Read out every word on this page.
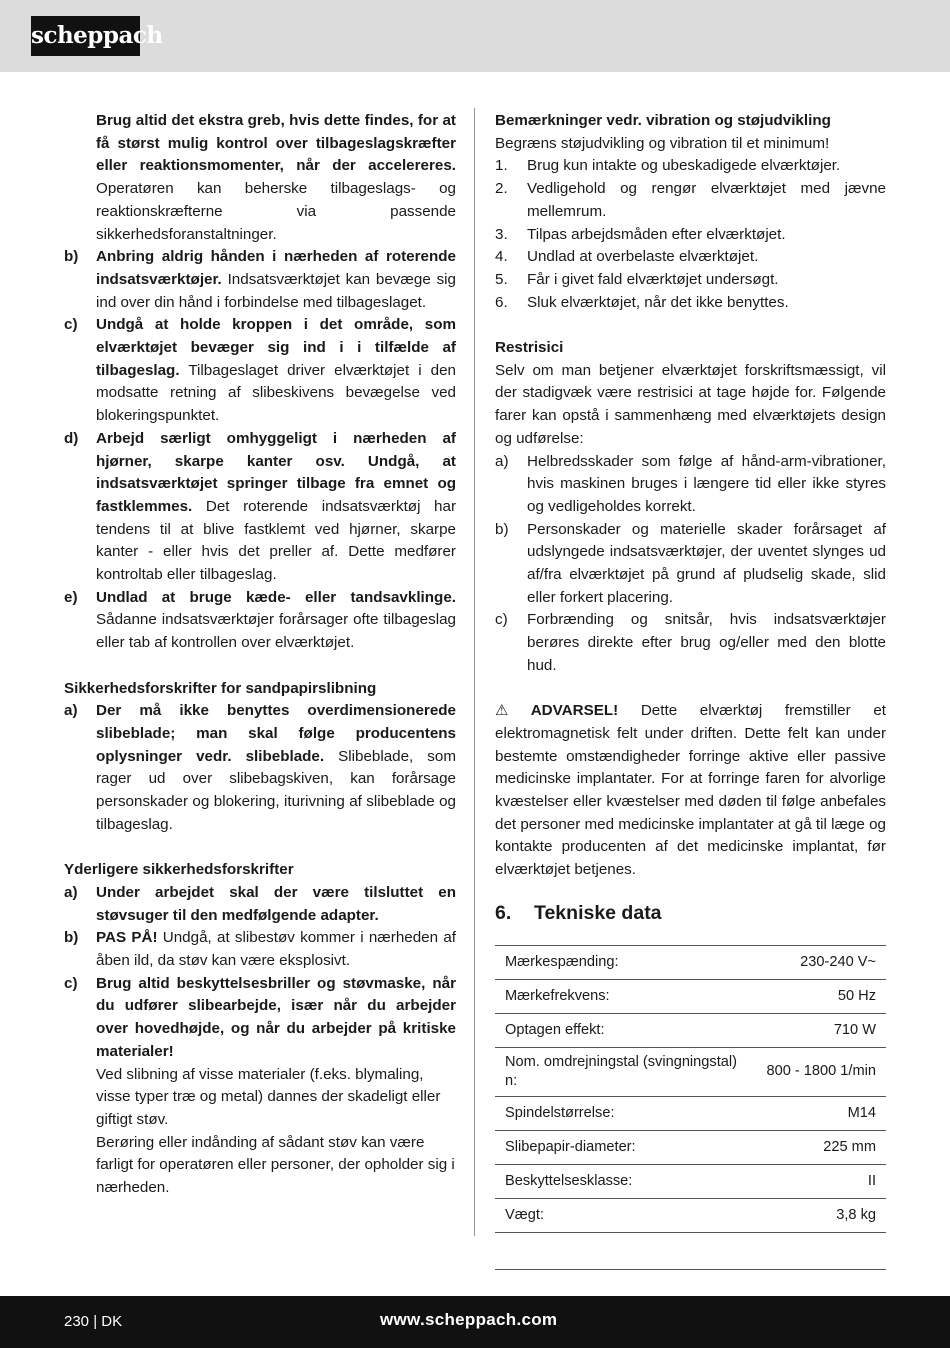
scheppach

Brug altid det ekstra greb, hvis dette findes, for at få størst mulig kontrol over tilbageslagskræfter eller reaktionsmomenter, når der accelereres. Operatøren kan beherske tilbageslags- og reaktionskræfterne via passende sikkerhedsforanstaltninger.

b)	Anbring aldrig hånden i nærheden af roterende indsatsværktøjer. Indsatsværktøjet kan bevæge sig ind over din hånd i forbindelse med tilbageslaget.

c)	Undgå at holde kroppen i det område, som elværktøjet bevæger sig ind i i tilfælde af tilbageslag. Tilbageslaget driver elværktøjet i den modsatte retning af slibeskivens bevægelse ved blokeringspunktet.

d)	Arbejd særligt omhyggeligt i nærheden af hjørner, skarpe kanter osv. Undgå, at indsatsværktøjet springer tilbage fra emnet og fastklemmes. Det roterende indsatsværktøj har tendens til at blive fastklemt ved hjørner, skarpe kanter - eller hvis det preller af. Dette medfører kontroltab eller tilbageslag.

e)	Undlad at bruge kæde- eller tandsavklinge. Sådanne indsatsværktøjer forårsager ofte tilbageslag eller tab af kontrollen over elværktøjet.

Sikkerhedsforskrifter for sandpapirslibning

a)	Der må ikke benyttes overdimensionerede slibeblade; man skal følge producentens oplysninger vedr. slibeblade. Slibeblade, som rager ud over slibebagskiven, kan forårsage personskader og blokering, iturivning af slibeblade og tilbageslag.

Yderligere sikkerhedsforskrifter

a)	Under arbejdet skal der være tilsluttet en støvsuger til den medfølgende adapter.

b)	PAS PÅ! Undgå, at slibestøv kommer i nærheden af åben ild, da støv kan være eksplosivt.

c)	Brug altid beskyttelsesbriller og støvmaske, når du udfører slibearbejde, især når du arbejder over hovedhøjde, og når du arbejder på kritiske materialer!

Ved slibning af visse materialer (f.eks. blymaling, visse typer træ og metal) dannes der skadeligt eller giftigt støv.

Berøring eller indånding af sådant støv kan være farligt for operatøren eller personer, der opholder sig i nærheden.

Bemærkninger vedr. vibration og støjudvikling

Begræns støjudvikling og vibration til et minimum!

1.	Brug kun intakte og ubeskadigede elværktøjer.

2.	Vedligehold og rengør elværktøjet med jævne mellemrum.

3.	Tilpas arbejdsmåden efter elværktøjet.

4.	Undlad at overbelaste elværktøjet.

5.	Får i givet fald elværktøjet undersøgt.

6.	Sluk elværktøjet, når det ikke benyttes.

Restrisici

Selv om man betjener elværktøjet forskriftsmæssigt, vil der stadigvæk være restrisici at tage højde for. Følgende farer kan opstå i sammenhæng med elværktøjets design og udførelse:

a)	Helbredsskader som følge af hånd-arm-vibrationer, hvis maskinen bruges i længere tid eller ikke styres og vedligeholdes korrekt.

b)	Personskader og materielle skader forårsaget af udslyngede indsatsværktøjer, der uventet slynges ud af/fra elværktøjet på grund af pludselig skade, slid eller forkert placering.

c)	Forbrænding og snitsår, hvis indsatsværktøjer berøres direkte efter brug og/eller med den blotte hud.

⚠ ADVARSEL! Dette elværktøj fremstiller et elektromagnetisk felt under driften. Dette felt kan under bestemte omstændigheder forringe aktive eller passive medicinske implantater. For at forringe faren for alvorlige kvæstelser eller kvæstelser med døden til følge anbefales det personer med medicinske implantater at gå til læge og kontakte producenten af det medicinske implantat, før elværktøjet betjenes.

6.	Tekniske data
Mærkespænding:	230-240 V~
Mærkefrekvens:	50 Hz
Optagen effekt:	710 W
Nom. omdrejningstal (svingningstal) n:	800 - 1800 1/min
Spindelstørrelse:	M14
Slibepapir-diameter:	225 mm
Beskyttelsesklasse:	II
Vægt:	3,8 kg
230 | DK	www.scheppach.com
